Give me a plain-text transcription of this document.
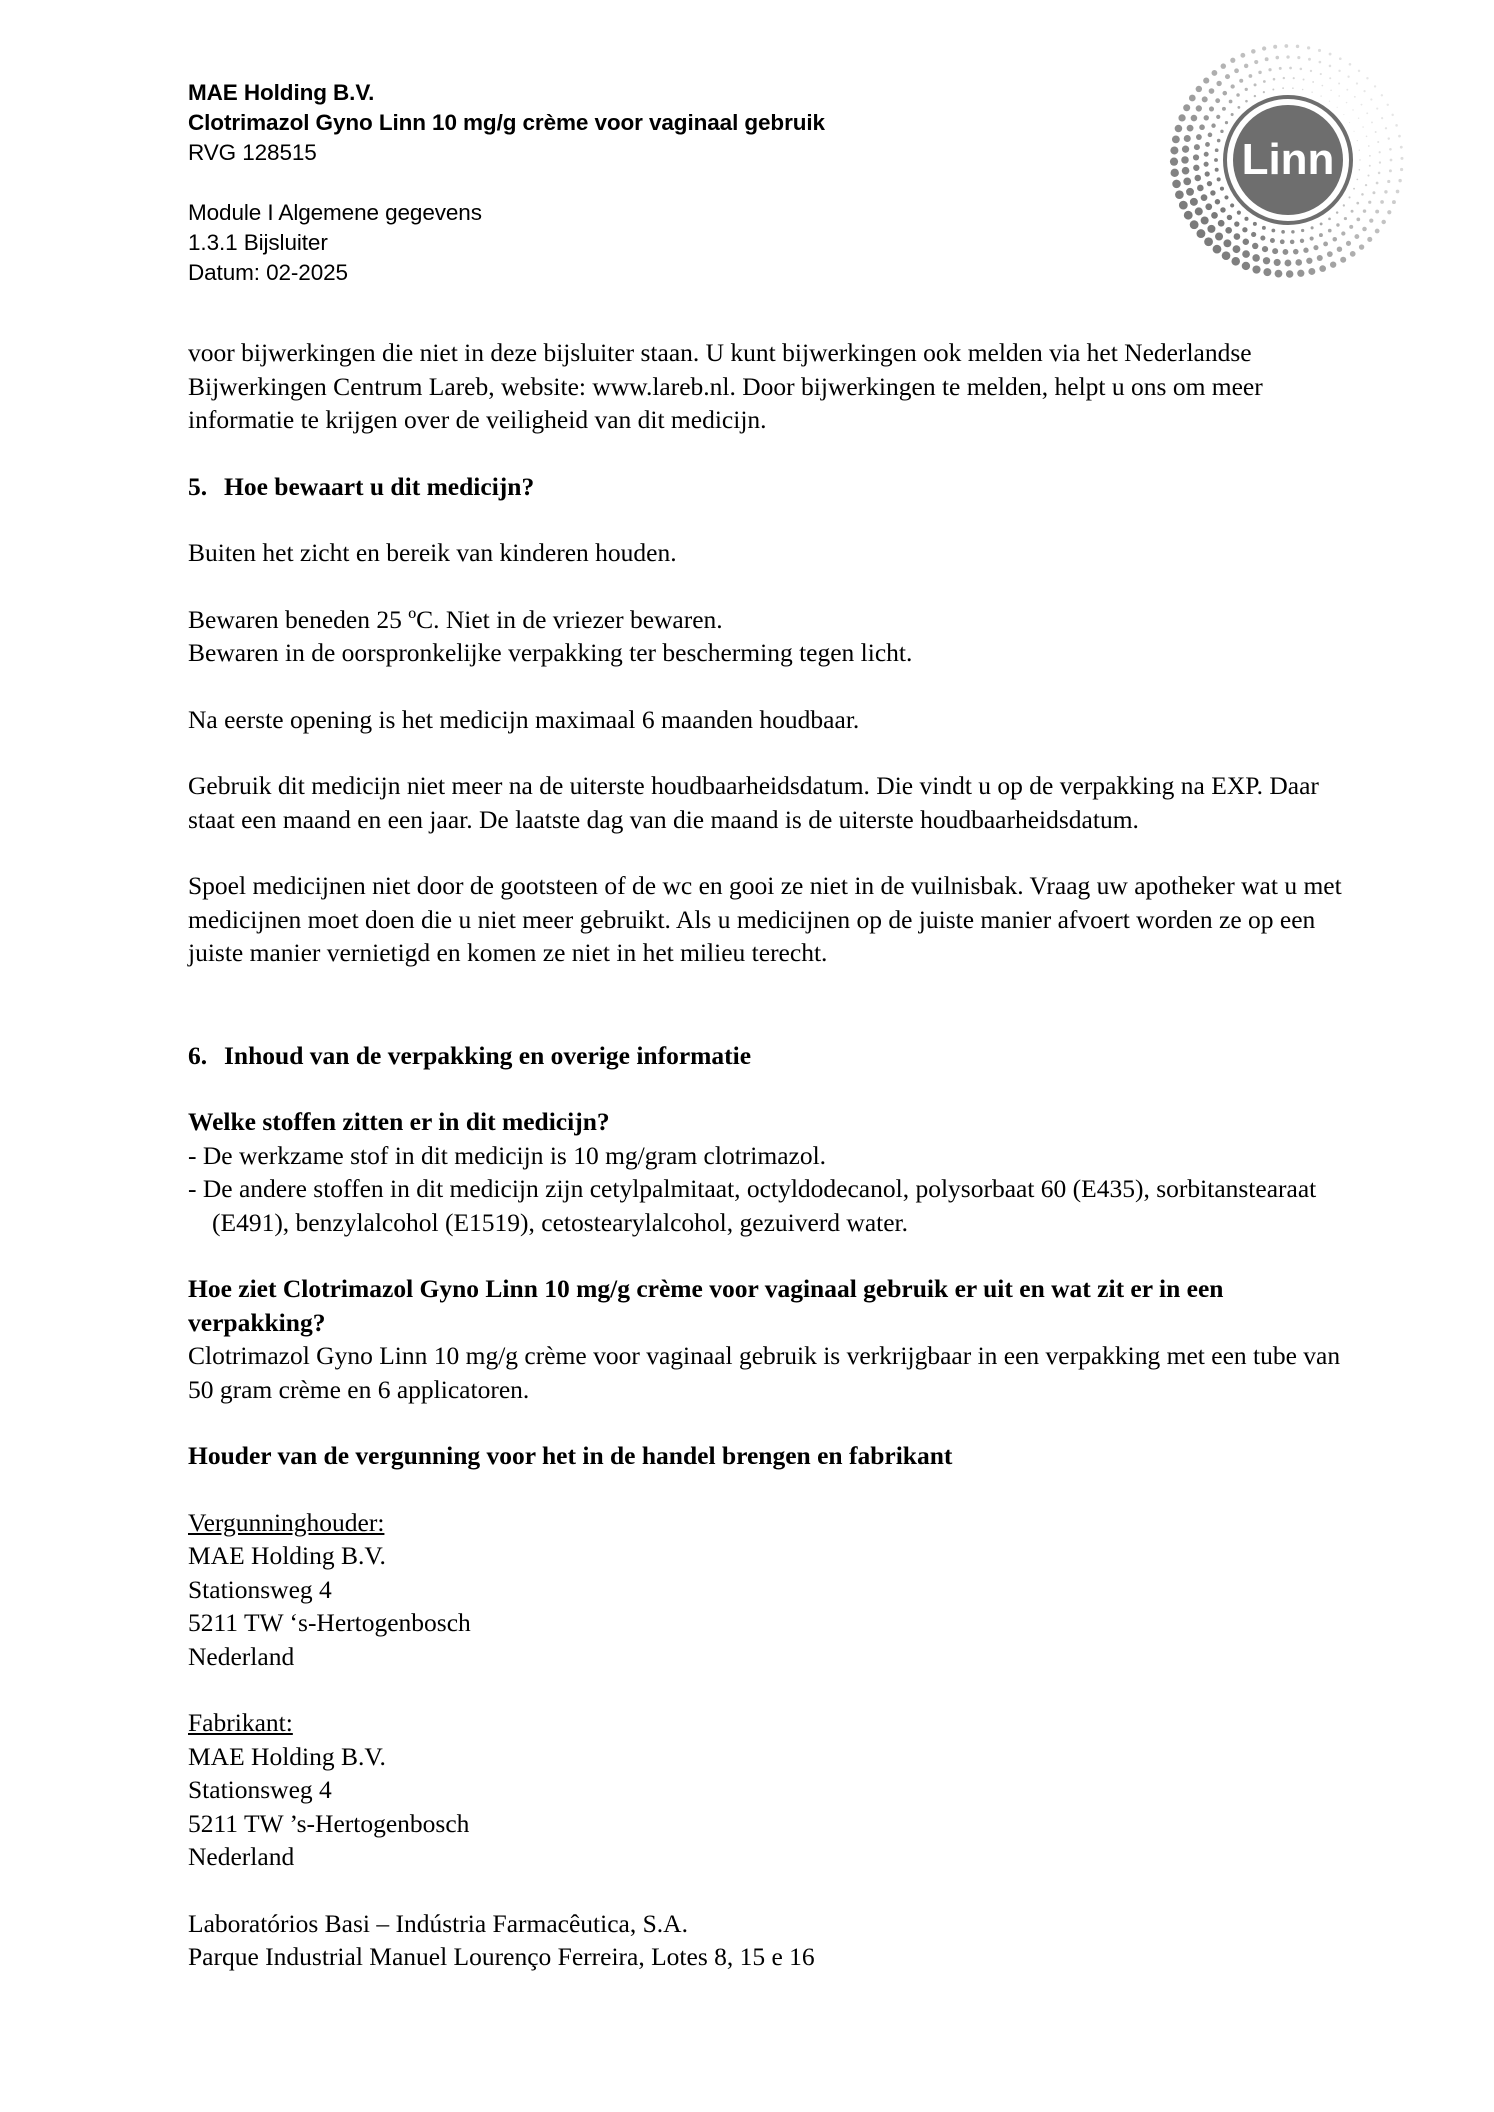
MAE Holding B.V.
Clotrimazol Gyno Linn 10 mg/g crème voor vaginaal gebruik
RVG 128515
Module I Algemene gegevens
1.3.1 Bijsluiter
Datum: 02-2025
Linn

voor bijwerkingen die niet in deze bijsluiter staan. U kunt bijwerkingen ook melden via het Nederlandse Bijwerkingen Centrum Lareb, website: www.lareb.nl. Door bijwerkingen te melden, helpt u ons om meer informatie te krijgen over de veiligheid van dit medicijn.

5. Hoe bewaart u dit medicijn?

Buiten het zicht en bereik van kinderen houden.

Bewaren beneden 25 ºC. Niet in de vriezer bewaren.

Bewaren in de oorspronkelijke verpakking ter bescherming tegen licht.

Na eerste opening is het medicijn maximaal 6 maanden houdbaar.

Gebruik dit medicijn niet meer na de uiterste houdbaarheidsdatum. Die vindt u op de verpakking na EXP. Daar staat een maand en een jaar. De laatste dag van die maand is de uiterste houdbaarheidsdatum.

Spoel medicijnen niet door de gootsteen of de wc en gooi ze niet in de vuilnisbak. Vraag uw apotheker wat u met medicijnen moet doen die u niet meer gebruikt. Als u medicijnen op de juiste manier afvoert worden ze op een juiste manier vernietigd en komen ze niet in het milieu terecht.

6. Inhoud van de verpakking en overige informatie
Welke stoffen zitten er in dit medicijn?
- De werkzame stof in dit medicijn is 10 mg/gram clotrimazol.
- De andere stoffen in dit medicijn zijn cetylpalmitaat, octyldodecanol, polysorbaat 60 (E435), sorbitanstearaat (E491), benzylalcohol (E1519), cetostearylalcohol, gezuiverd water.
Hoe ziet Clotrimazol Gyno Linn 10 mg/g crème voor vaginaal gebruik er uit en wat zit er in een verpakking?

Clotrimazol Gyno Linn 10 mg/g crème voor vaginaal gebruik is verkrijgbaar in een verpakking met een tube van 50 gram crème en 6 applicatoren.

Houder van de vergunning voor het in de handel brengen en fabrikant
Vergunninghouder:
MAE Holding B.V.
Stationsweg 4
5211 TW ‘s-Hertogenbosch
Nederland
Fabrikant:
MAE Holding B.V.
Stationsweg 4
5211 TW ’s-Hertogenbosch
Nederland
Laboratórios Basi – Indústria Farmacêutica, S.A.
Parque Industrial Manuel Lourenço Ferreira, Lotes 8, 15 e 16
